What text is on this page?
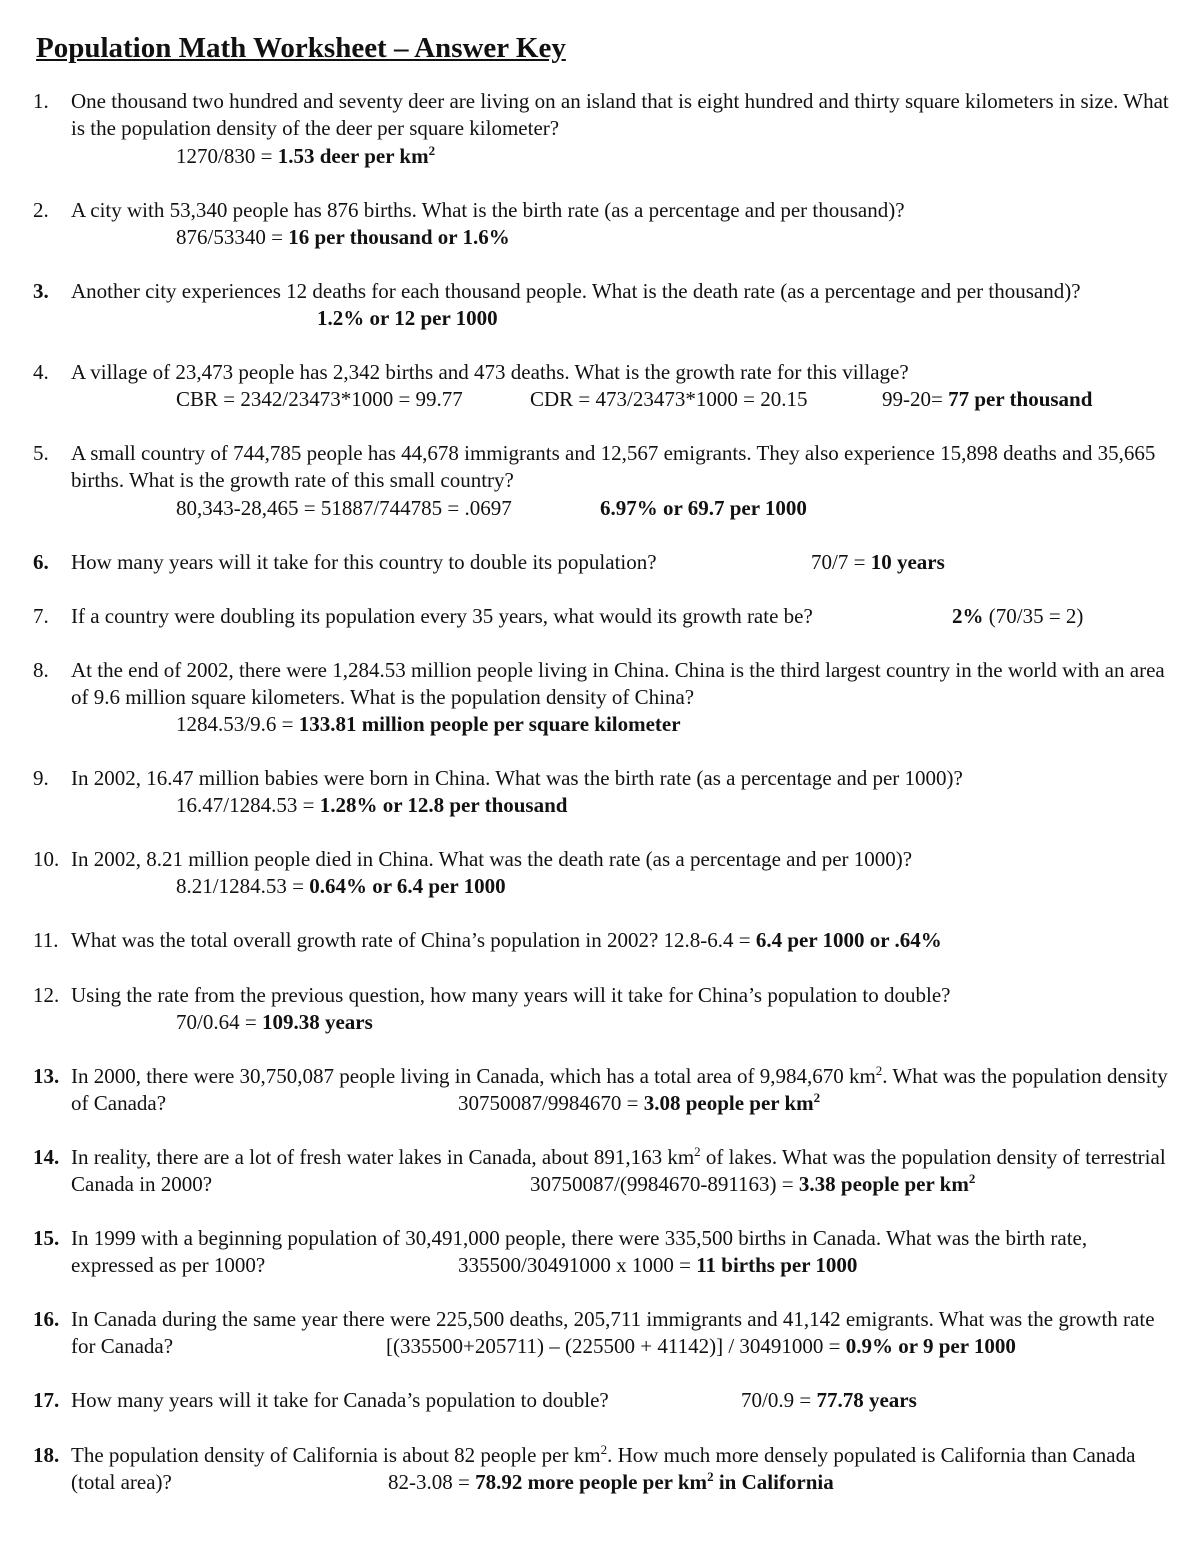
Population Math Worksheet – Answer Key
1. One thousand two hundred and seventy deer are living on an island that is eight hundred and thirty square kilometers in size. What is the population density of the deer per square kilometer?
1270/830 = 1.53 deer per $km^2$
2. A city with 53,340 people has 876 births. What is the birth rate (as a percentage and per thousand)?
876/53340 = 16 per thousand or 1.6%
3. Another city experiences 12 deaths for each thousand people. What is the death rate (as a percentage and per thousand)?
1.2% or 12 per 1000
4. A village of 23,473 people has 2,342 births and 473 deaths. What is the growth rate for this village?
CBR = 2342/23473*1000 = 99.77	CDR = 473/23473*1000 = 20.15	99-20= 77 per thousand
5. A small country of 744,785 people has 44,678 immigrants and 12,567 emigrants. They also experience 15,898 deaths and 35,665 births. What is the growth rate of this small country?
80,343-28,465 = 51887/744785 = .0697	6.97% or 69.7 per 1000
6. How many years will it take for this country to double its population?	70/7 = 10 years
7. If a country were doubling its population every 35 years, what would its growth rate be?	2% (70/35 = 2)
8. At the end of 2002, there were 1,284.53 million people living in China. China is the third largest country in the world with an area of 9.6 million square kilometers. What is the population density of China?
1284.53/9.6 = 133.81 million people per square kilometer
9. In 2002, 16.47 million babies were born in China. What was the birth rate (as a percentage and per 1000)?
16.47/1284.53 = 1.28% or 12.8 per thousand
10. In 2002, 8.21 million people died in China. What was the death rate (as a percentage and per 1000)?
8.21/1284.53 = 0.64% or 6.4 per 1000
11. What was the total overall growth rate of China’s population in 2002? 12.8-6.4 = 6.4 per 1000 or .64%
12. Using the rate from the previous question, how many years will it take for China’s population to double?
70/0.64 = 109.38 years
13. In 2000, there were 30,750,087 people living in Canada, which has a total area of 9,984,670 $km^2$. What was the population density of Canada?	30750087/9984670 = 3.08 people per $km^2$
14. In reality, there are a lot of fresh water lakes in Canada, about 891,163 $km^2$ of lakes. What was the population density of terrestrial Canada in 2000?	30750087/(9984670-891163) = 3.38 people per $km^2$
15. In 1999 with a beginning population of 30,491,000 people, there were 335,500 births in Canada. What was the birth rate, expressed as per 1000?	335500/30491000 x 1000 = 11 births per 1000
16. In Canada during the same year there were 225,500 deaths, 205,711 immigrants and 41,142 emigrants. What was the growth rate for Canada?	[(335500+205711) – (225500 + 41142)] / 30491000 = 0.9% or 9 per 1000
17. How many years will it take for Canada’s population to double?	70/0.9 = 77.78 years
18. The population density of California is about 82 people per $km^2$. How much more densely populated is California than Canada (total area)?	82-3.08 = 78.92 more people per $km^2$ in California
